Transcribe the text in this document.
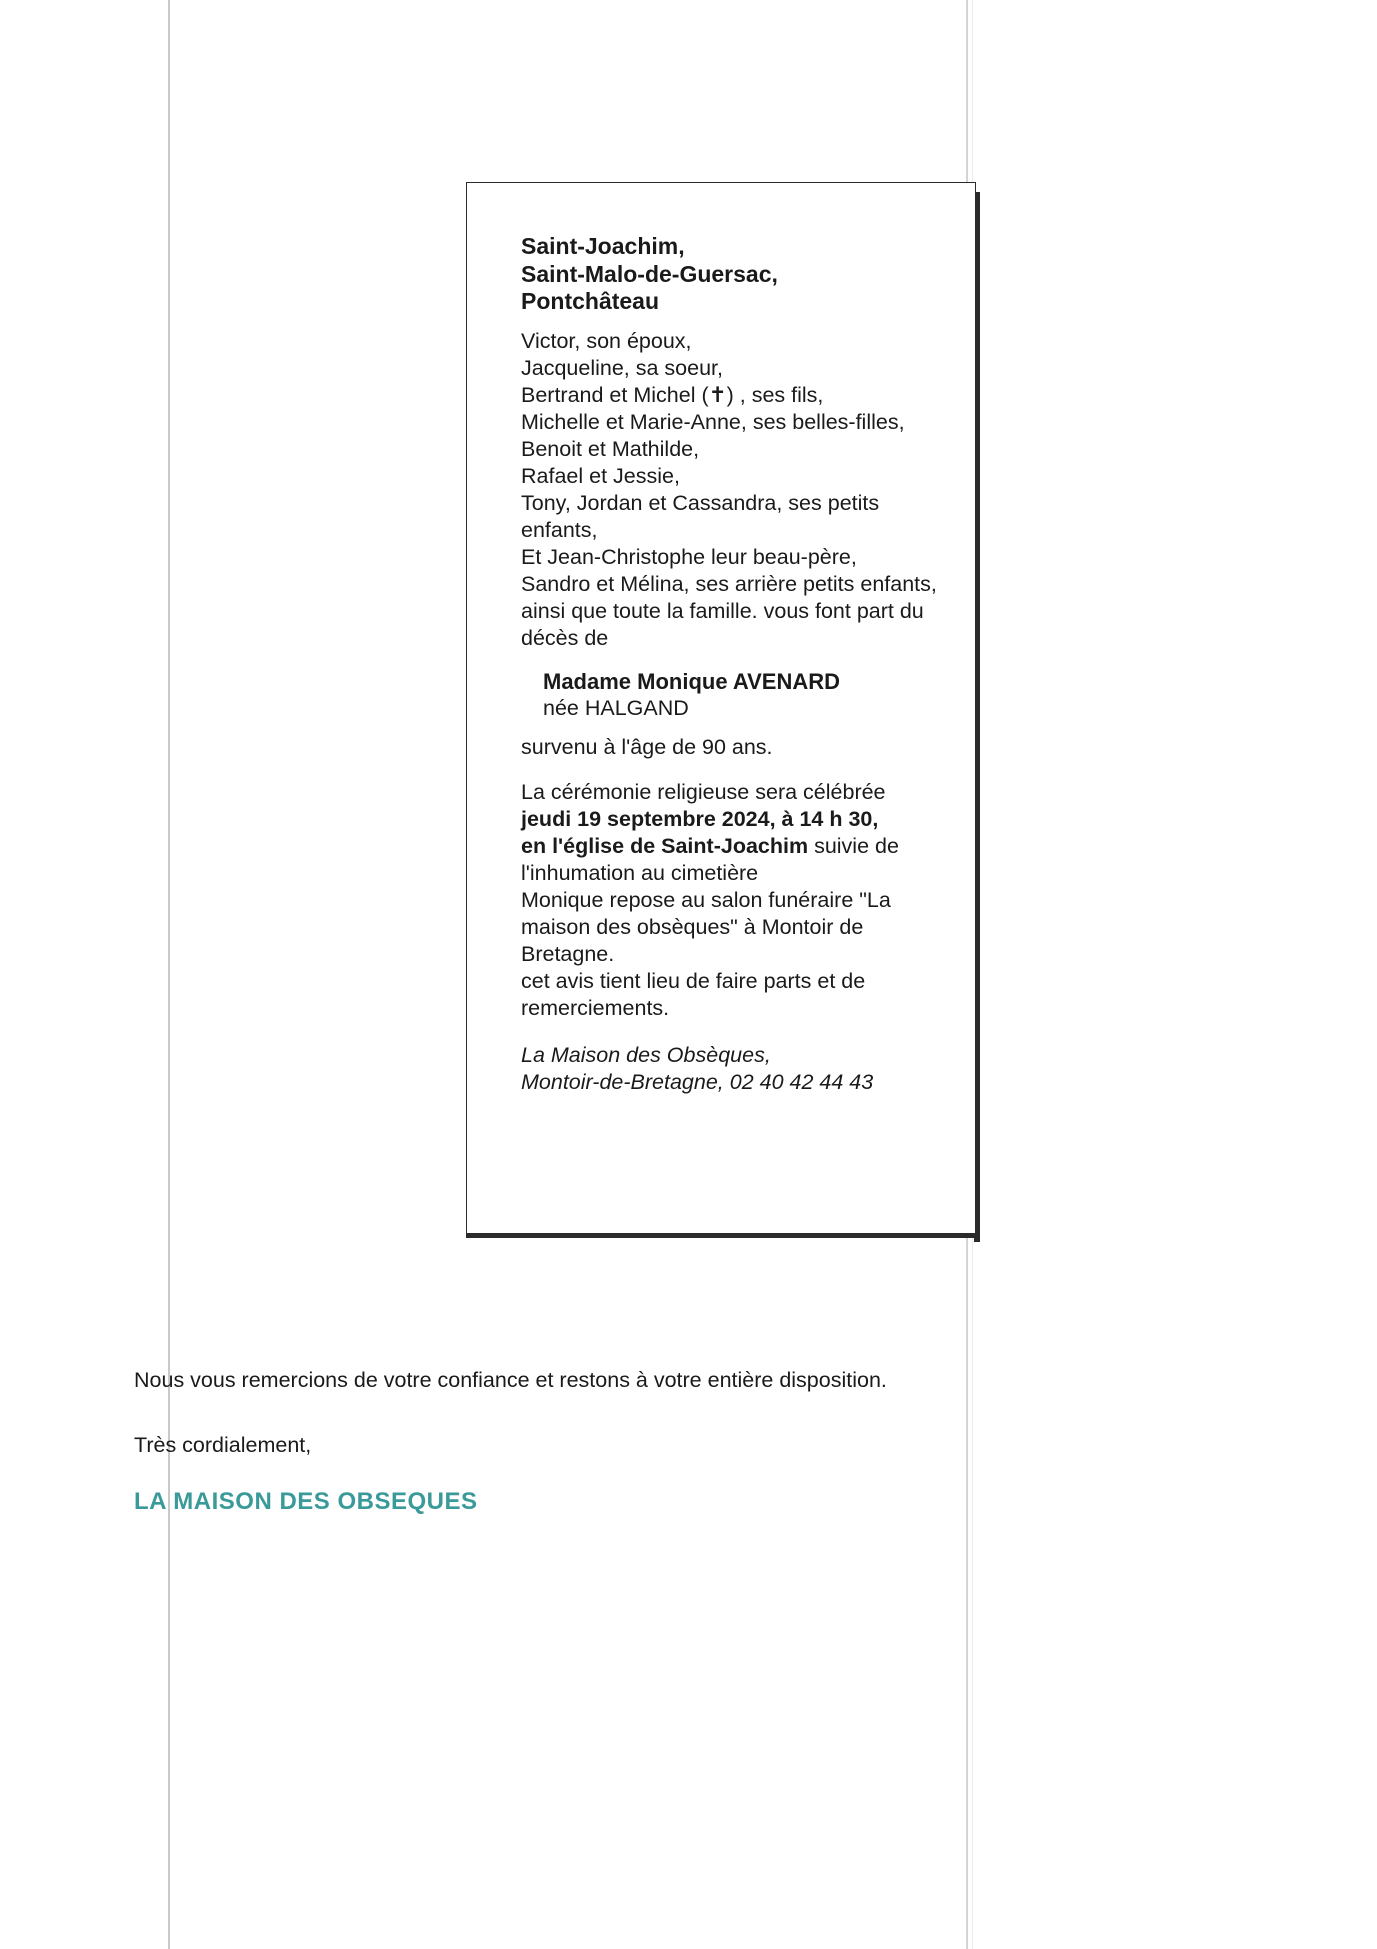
Saint-Joachim,
Saint-Malo-de-Guersac,
Pontchâteau
Victor, son époux,
Jacqueline, sa soeur,
Bertrand et Michel (✝) , ses fils,
Michelle et Marie-Anne, ses belles-filles,
Benoit et Mathilde,
Rafael et Jessie,
Tony, Jordan et Cassandra, ses petits enfants,
Et Jean-Christophe leur beau-père,
Sandro et Mélina, ses arrière petits enfants,
ainsi que toute la famille. vous font part du décès de
Madame Monique AVENARD
née HALGAND
survenu à l'âge de 90 ans.
La cérémonie religieuse sera célébrée
jeudi 19 septembre 2024, à 14 h 30,
en l'église de Saint-Joachim suivie de l'inhumation au cimetière
Monique repose au salon funéraire "La maison des obsèques" à Montoir de Bretagne.
cet avis tient lieu de faire parts et de remerciements.
La Maison des Obsèques,
Montoir-de-Bretagne, 02 40 42 44 43
Nous vous remercions de votre confiance et restons à votre entière disposition.
Très cordialement,
LA MAISON DES OBSEQUES
